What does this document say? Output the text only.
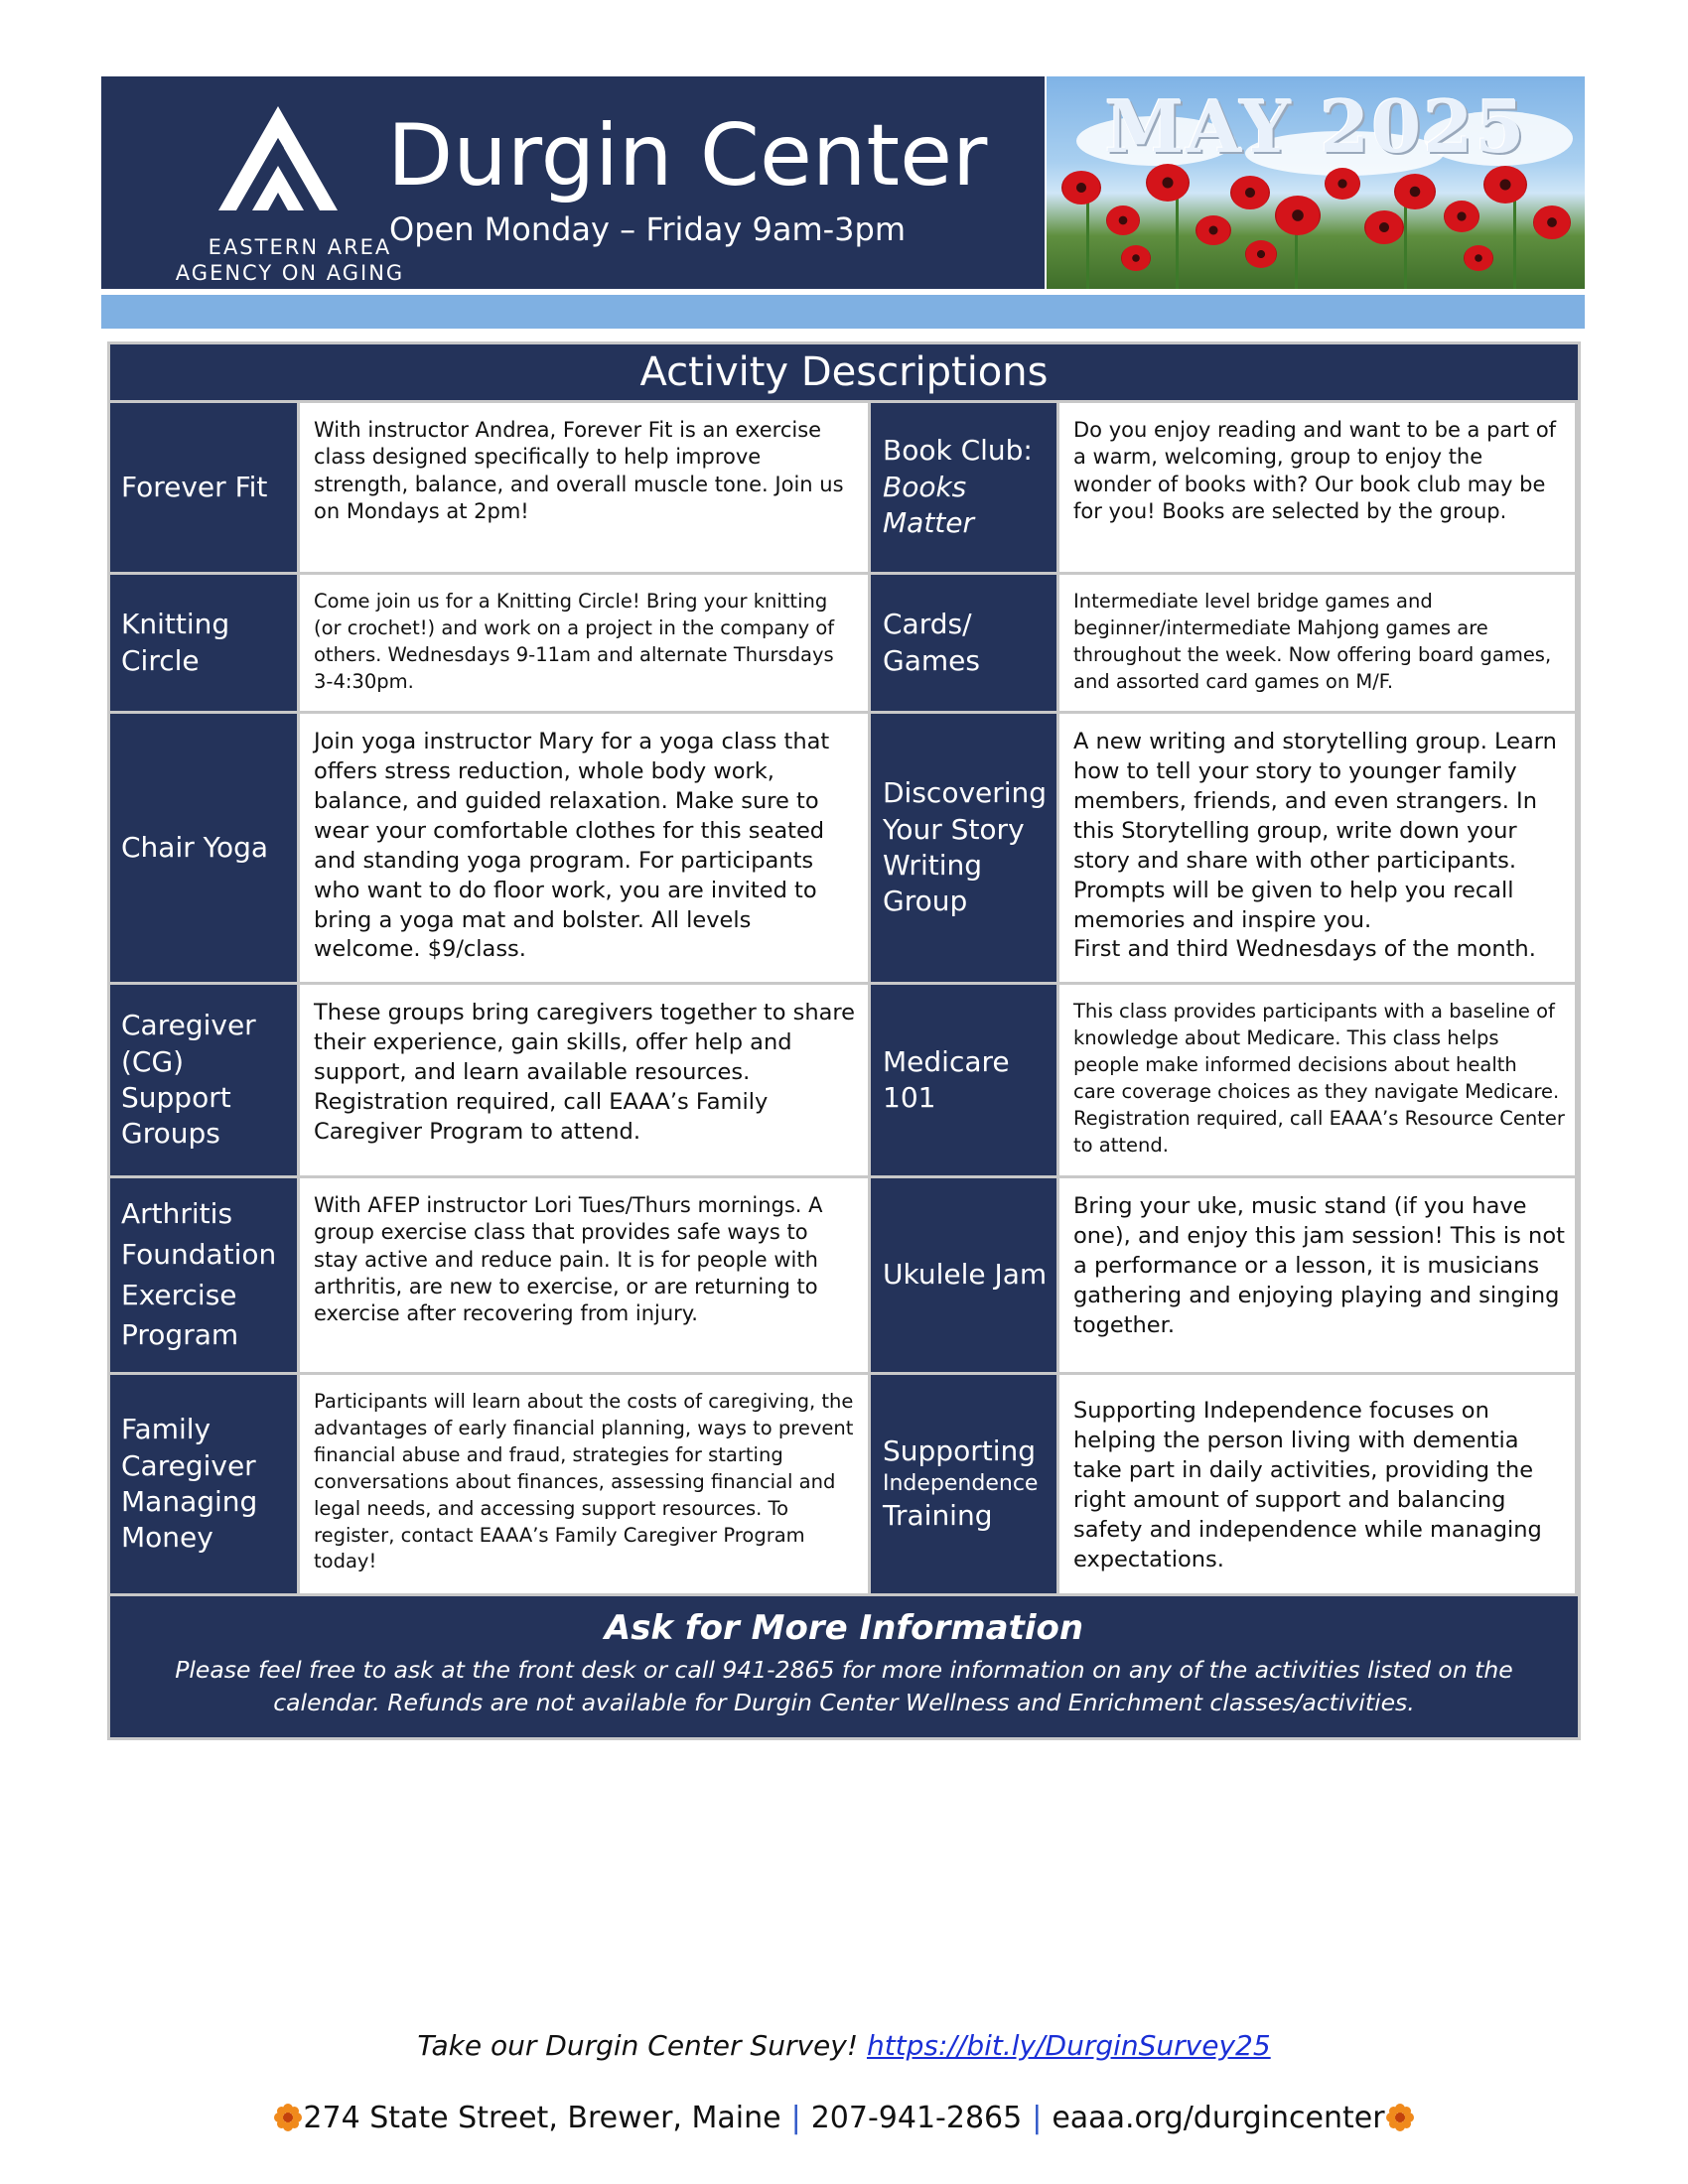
EASTERN AREA
AGENCY ON AGING
Durgin Center
Open Monday – Friday 9am-3pm
MAY 2025
Activity Descriptions
Forever Fit
With instructor Andrea, Forever Fit is an exercise class designed specifically to help improve strength, balance, and overall muscle tone. Join us on Mondays at 2pm!
Book Club:
Books Matter
Do you enjoy reading and want to be a part of a warm, welcoming, group to enjoy the wonder of books with? Our book club may be for you! Books are selected by the group.
Knitting Circle
Come join us for a Knitting Circle! Bring your knitting (or crochet!) and work on a project in the company of others. Wednesdays 9-11am and alternate Thursdays 3-4:30pm.
Cards/ Games
Intermediate level bridge games and beginner/intermediate Mahjong games are throughout the week. Now offering board games, and assorted card games on M/F.
Chair Yoga
Join yoga instructor Mary for a yoga class that offers stress reduction, whole body work, balance, and guided relaxation. Make sure to wear your comfortable clothes for this seated and standing yoga program. For participants who want to do floor work, you are invited to bring a yoga mat and bolster. All levels welcome. $9/class.
Discovering Your Story Writing Group
A new writing and storytelling group. Learn how to tell your story to younger family members, friends, and even strangers. In this Storytelling group, write down your story and share with other participants. Prompts will be given to help you recall memories and inspire you.
First and third Wednesdays of the month.
Caregiver (CG) Support Groups
These groups bring caregivers together to share their experience, gain skills, offer help and support, and learn available resources. Registration required, call EAAA’s Family Caregiver Program to attend.
Medicare 101
This class provides participants with a baseline of knowledge about Medicare. This class helps people make informed decisions about health care coverage choices as they navigate Medicare. Registration required, call EAAA’s Resource Center to attend.
Arthritis Foundation Exercise Program
With AFEP instructor Lori Tues/Thurs mornings. A group exercise class that provides safe ways to stay active and reduce pain. It is for people with arthritis, are new to exercise, or are returning to exercise after recovering from injury.
Ukulele Jam
Bring your uke, music stand (if you have one), and enjoy this jam session! This is not a performance or a lesson, it is musicians gathering and enjoying playing and singing together.
Family Caregiver Managing Money
Participants will learn about the costs of caregiving, the advantages of early financial planning, ways to prevent financial abuse and fraud, strategies for starting conversations about finances, assessing financial and legal needs, and accessing support resources. To register, contact EAAA’s Family Caregiver Program today!
Supporting
Independence
Training
Supporting Independence focuses on helping the person living with dementia take part in daily activities, providing the right amount of support and balancing safety and independence while managing expectations.
Ask for More Information
Please feel free to ask at the front desk or call 941-2865 for more information on any of the activities listed on the calendar. Refunds are not available for Durgin Center Wellness and Enrichment classes/activities.
Take our Durgin Center Survey! https://bit.ly/DurginSurvey25
274 State Street, Brewer, Maine | 207-941-2865 | eaaa.org/durgincenter
